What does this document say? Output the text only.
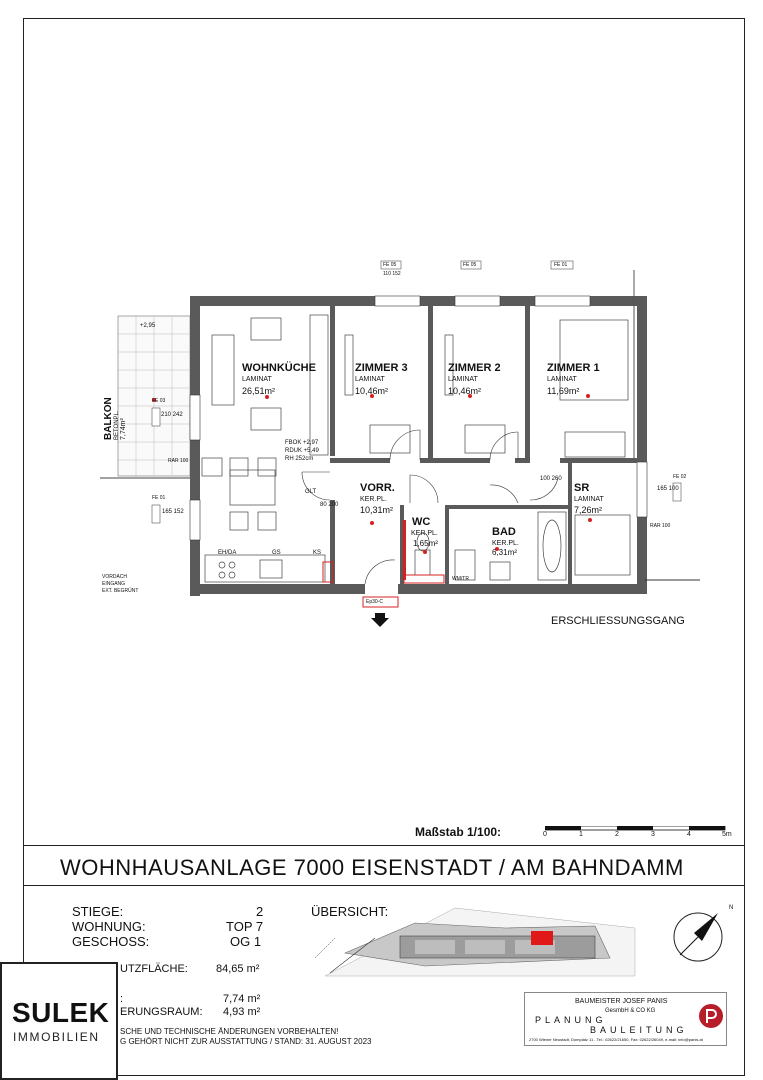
WOHNKÜCHE
LAMINAT
26,51m²
ZIMMER 3
LAMINAT
10,46m²
ZIMMER 2
LAMINAT
10,46m²
ZIMMER 1
LAMINAT
11,69m²
VORR.
KER.PL.
10,31m²
WC
KER.PL.
1,65m²
BAD
KER.PL.
6,31m²
SR
LAMINAT
7,26m²
BALKON BETONPL. 7,74m²
FBOK +2,97
RDUK +5,49
RH 252cm
+2,95
ERSCHLIESSUNGSGANG
GLT
WM/TR
EH/DA	GS	KS
VORDACH
EINGANG
EXT. BEGRÜNT
RAR 100
RAR 100
FE 05	FE 05	FE 01
110 152
210 242
165 152
165 100
100 260
80 200
Ep30-C
FE 03
FE 01
FE 02
Maßstab 1/100:	0	1	2	3	4	5m
WOHNHAUSANLAGE 7000 EISENSTADT / AM BAHNDAMM
STIEGE:	2
WOHNUNG:	TOP 7
GESCHOSS:	OG 1
UTZFLÄCHE:	84,65 m²
:	7,74 m²
ERUNGSRAUM: 4,93 m²
SCHE UND TECHNISCHE ÄNDERUNGEN VORBEHALTEN!
G GEHÖRT NICHT ZUR AUSSTATTUNG / STAND: 31. AUGUST 2023
ÜBERSICHT:	N
BAUMEISTER JOSEF PANIS
GesmbH & CO KG
PLANUNG
BAULEITUNG
2700 Wiener Neustadt, Domplatz 11 - Tel.: 02622/21650, Fax: 02622/26049, e-mail: info@panis.at
SULEK
IMMOBILIEN
